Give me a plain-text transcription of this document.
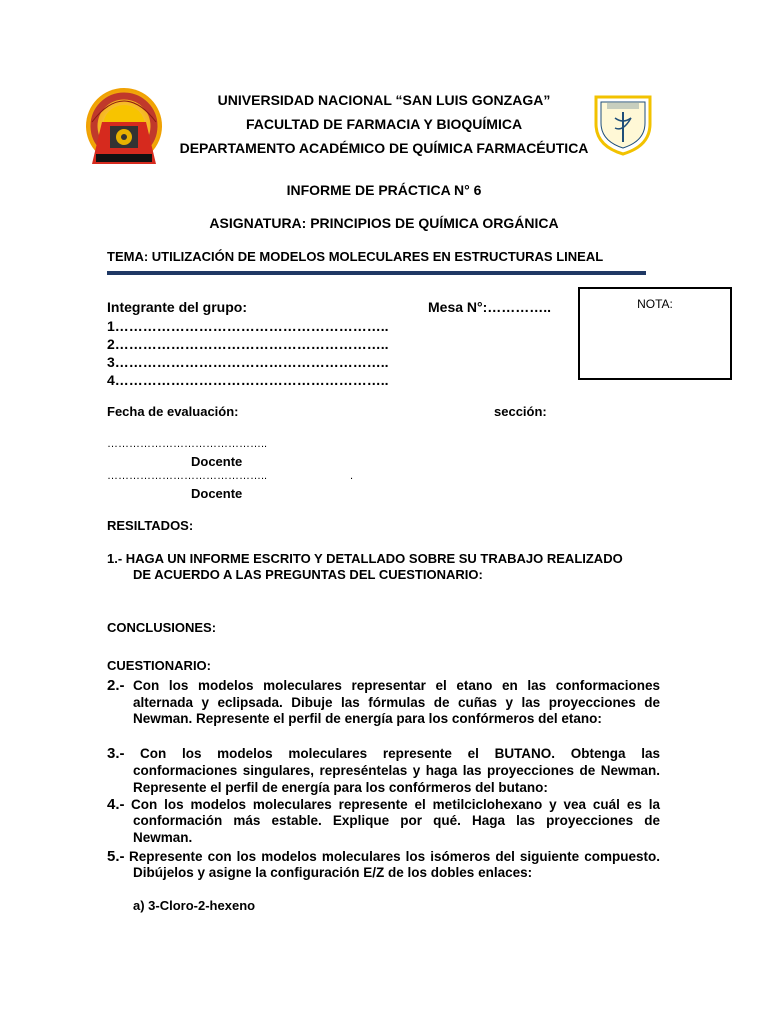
UNIVERSIDAD NACIONAL “SAN LUIS GONZAGA”
FACULTAD DE FARMACIA Y BIOQUÍMICA
DEPARTAMENTO ACADÉMICO DE QUÍMICA FARMACÉUTICA
INFORME DE PRÁCTICA N° 6
ASIGNATURA: PRINCIPIOS DE QUÍMICA ORGÁNICA
TEMA: UTILIZACIÓN DE MODELOS MOLECULARES EN ESTRUCTURAS LINEAL
Integrante del grupo:	Mesa N°:…………..
1…………………………………………………..
2…………………………………………………..
3…………………………………………………..
4…………………………………………………..
NOTA:
Fecha de evaluación:	sección:
……………………………………..
Docente
……………………………………..	.
Docente
RESILTADOS:
1.- HAGA UN INFORME ESCRITO Y DETALLADO SOBRE SU TRABAJO REALIZADO
DE ACUERDO A LAS PREGUNTAS DEL CUESTIONARIO:
CONCLUSIONES:
CUESTIONARIO:
2.- Con los modelos moleculares representar el etano en las conformaciones
alternada y eclipsada. Dibuje las fórmulas de cuñas y las proyecciones de
Newman. Represente el perfil de energía para los confórmeros del etano:
3.- Con los modelos moleculares represente el BUTANO. Obtenga las
conformaciones singulares, represéntelas y haga las proyecciones de Newman.
Represente el perfil de energía para los confórmeros del butano:
4.- Con los modelos moleculares represente el metilciclohexano y vea cuál es la
conformación más estable. Explique por qué. Haga las proyecciones de
Newman.
5.- Represente con los modelos moleculares los isómeros del siguiente compuesto.
Dibújelos y asigne la configuración E/Z de los dobles enlaces:
a) 3-Cloro-2-hexeno
